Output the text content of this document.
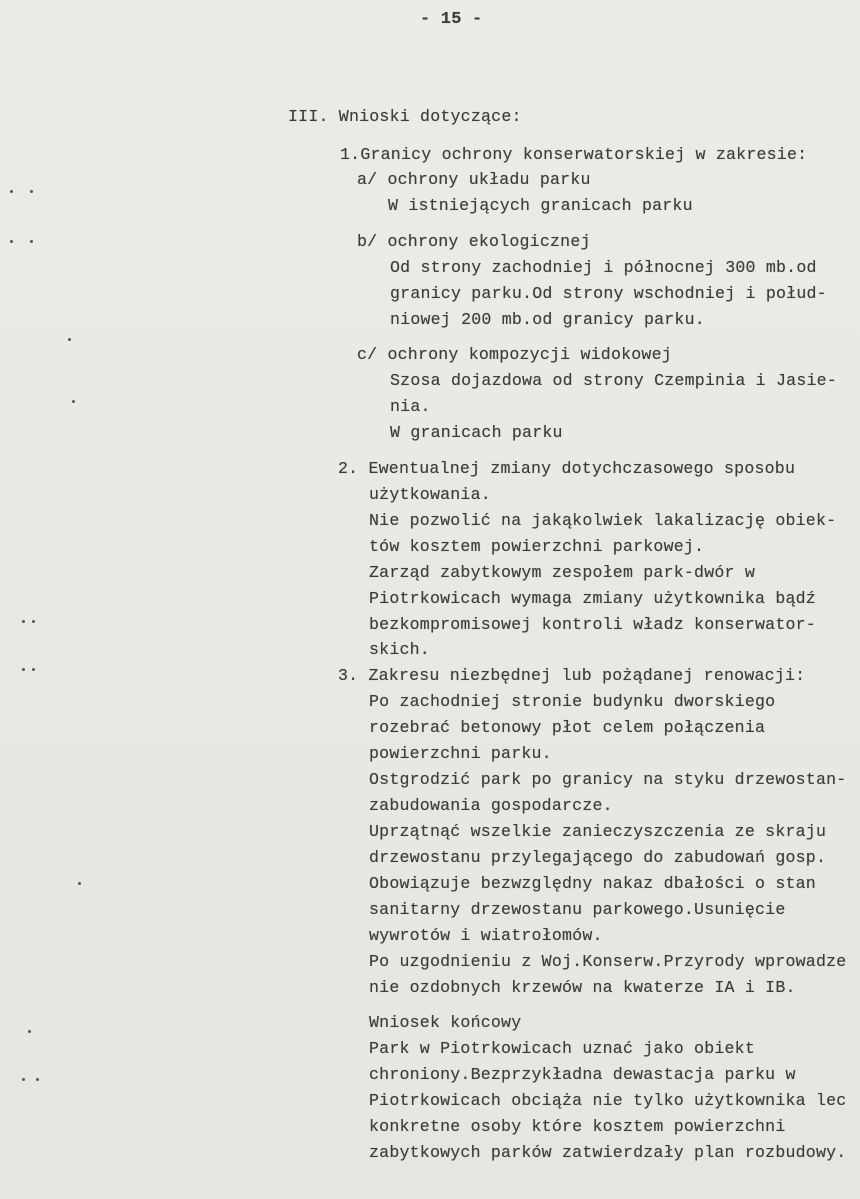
- 15 -
III. Wnioski dotyczące:
1.Granicy ochrony konserwatorskiej w zakresie:
a/ ochrony układu parku
W istniejących granicach parku
b/ ochrony ekologicznej
Od strony zachodniej i północnej 300 mb.od
granicy parku.Od strony wschodniej i połud-
niowej 200 mb.od granicy parku.
c/ ochrony kompozycji widokowej
Szosa dojazdowa od strony Czempinia i Jasie-
nia.
W granicach parku
2. Ewentualnej zmiany dotychczasowego sposobu
użytkowania.
Nie pozwolić na jakąkolwiek lakalizację obiek-
tów kosztem powierzchni parkowej.
Zarząd zabytkowym zespołem park-dwór w
Piotrkowicach wymaga zmiany użytkownika bądź
bezkompromisowej kontroli władz konserwator-
skich.
3. Zakresu niezbędnej lub pożądanej renowacji:
Po zachodniej stronie budynku dworskiego
rozebrać betonowy płot celem połączenia
powierzchni parku.
Ostgrodzić park po granicy na styku drzewostan-
zabudowania gospodarcze.
Uprzątnąć wszelkie zanieczyszczenia ze skraju
drzewostanu przylegającego do zabudowań gosp.
Obowiązuje bezwzględny nakaz dbałości o stan
sanitarny drzewostanu parkowego.Usunięcie
wywrotów i wiatrołomów.
Po uzgodnieniu z Woj.Konserw.Przyrody wprowadze
nie ozdobnych krzewów na kwaterze IA i IB.
Wniosek końcowy
Park w Piotrkowicach uznać jako obiekt
chroniony.Bezprzykładna dewastacja parku w
Piotrkowicach obciąża nie tylko użytkownika lec
konkretne osoby które kosztem powierzchni
zabytkowych parków zatwierdzały plan rozbudowy.
